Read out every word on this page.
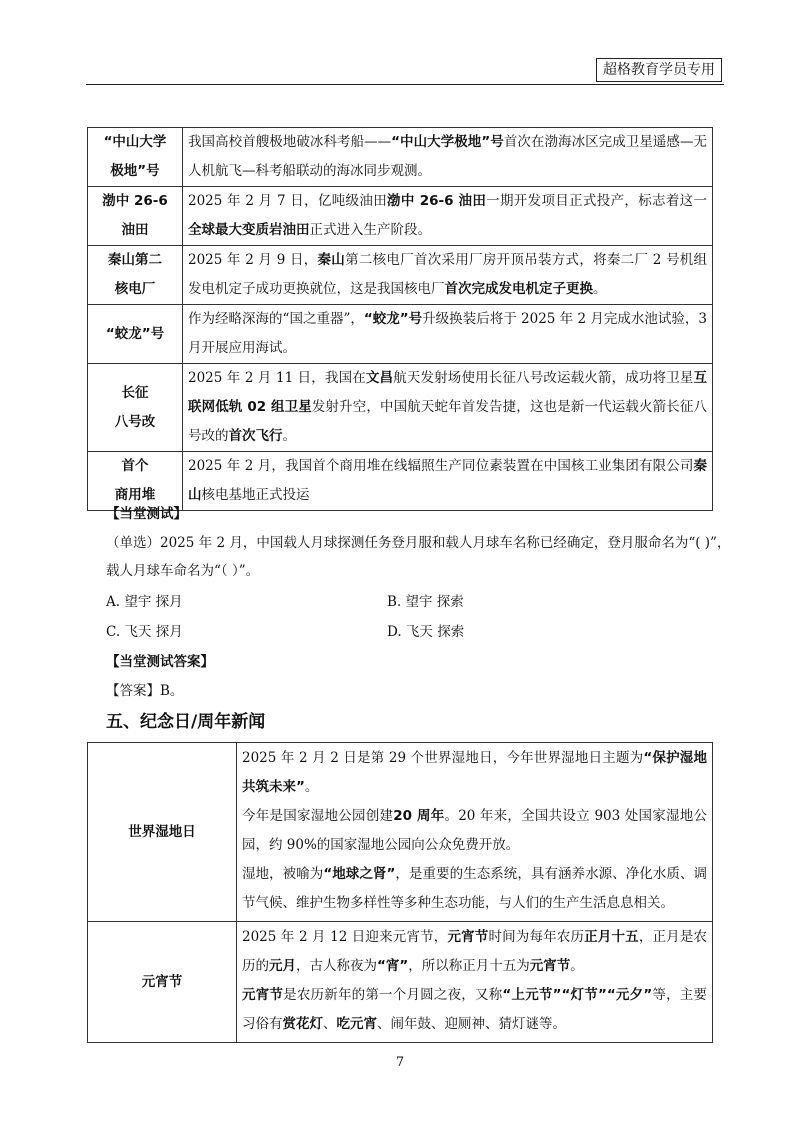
超格教育学员专用
“中山大学
极地”号	我国高校首艘极地破冰科考船——“中山大学极地”号首次在渤海冰区完成卫星遥感—无人机航飞—科考船联动的海冰同步观测。
渤中 26-6
油田	2025 年 2 月 7 日，亿吨级油田渤中 26-6 油田一期开发项目正式投产，标志着这一全球最大变质岩油田正式进入生产阶段。
秦山第二
核电厂	2025 年 2 月 9 日，秦山第二核电厂首次采用厂房开顶吊装方式，将秦二厂 2 号机组发电机定子成功更换就位，这是我国核电厂首次完成发电机定子更换。
“蛟龙”号	作为经略深海的“国之重器”，“蛟龙”号升级换装后将于 2025 年 2 月完成水池试验，3 月开展应用海试。
长征
八号改	2025 年 2 月 11 日，我国在文昌航天发射场使用长征八号改运载火箭，成功将卫星互联网低轨 02 组卫星发射升空，中国航天蛇年首发告捷，这也是新一代运载火箭长征八号改的首次飞行。
首个
商用堆	2025 年 2 月，我国首个商用堆在线辐照生产同位素装置在中国核工业集团有限公司秦山核电基地正式投运
【当堂测试】
（单选）2025 年 2 月，中国载人月球探测任务登月服和载人月球车名称已经确定，登月服命名为“( )”，
载人月球车命名为“（ ）”。
A. 望宇 探月	B. 望宇 探索
C. 飞天 探月	D. 飞天 探索
【当堂测试答案】
【答案】B。
五、纪念日/周年新闻
世界湿地日	2025 年 2 月 2 日是第 29 个世界湿地日，今年世界湿地日主题为“保护湿地 共筑未来”。
今年是国家湿地公园创建20 周年。20 年来，全国共设立 903 处国家湿地公园，约 90%的国家湿地公园向公众免费开放。
湿地，被喻为“地球之肾”，是重要的生态系统，具有涵养水源、净化水质、调节气候、维护生物多样性等多种生态功能，与人们的生产生活息息相关。

元宵节	2025 年 2 月 12 日迎来元宵节，元宵节时间为每年农历正月十五，正月是农历的元月，古人称夜为“宵”，所以称正月十五为元宵节。
元宵节是农历新年的第一个月圆之夜，又称“上元节”“灯节”“元夕”等，主要习俗有赏花灯、吃元宵、闹年鼓、迎厕神、猜灯谜等。
7
